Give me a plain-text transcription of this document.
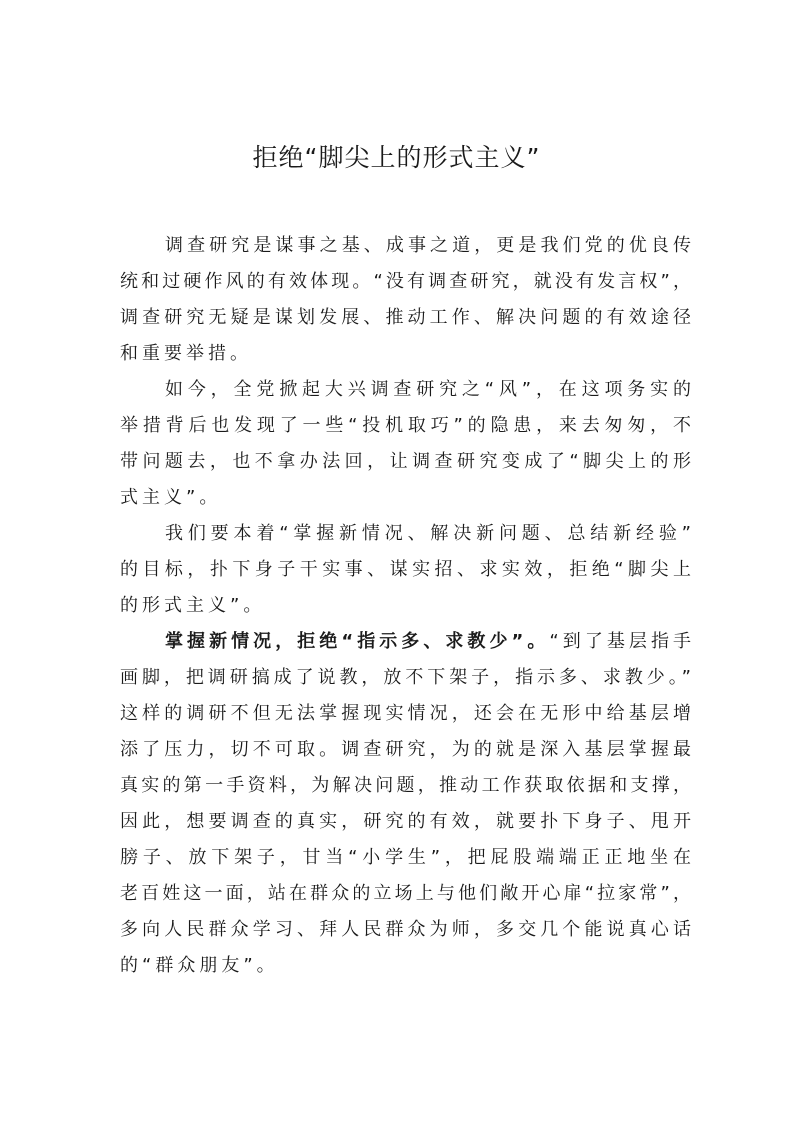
拒绝“脚尖上的形式主义”
调查研究是谋事之基、成事之道，更是我们党的优良传
统和过硬作风的有效体现。“没有调查研究，就没有发言权”，
调查研究无疑是谋划发展、推动工作、解决问题的有效途径
和重要举措。
如今，全党掀起大兴调查研究之“风”，在这项务实的
举措背后也发现了一些“投机取巧”的隐患，来去匆匆，不
带问题去，也不拿办法回，让调查研究变成了“脚尖上的形
式主义”。
我们要本着“掌握新情况、解决新问题、总结新经验”
的目标，扑下身子干实事、谋实招、求实效，拒绝“脚尖上
的形式主义”。
掌握新情况，拒绝“指示多、求教少”。“到了基层指手
画脚，把调研搞成了说教，放不下架子，指示多、求教少。”
这样的调研不但无法掌握现实情况，还会在无形中给基层增
添了压力，切不可取。调查研究，为的就是深入基层掌握最
真实的第一手资料，为解决问题，推动工作获取依据和支撑，
因此，想要调查的真实，研究的有效，就要扑下身子、甩开
膀子、放下架子，甘当“小学生”，把屁股端端正正地坐在
老百姓这一面，站在群众的立场上与他们敞开心扉“拉家常”，
多向人民群众学习、拜人民群众为师，多交几个能说真心话
的“群众朋友”。
